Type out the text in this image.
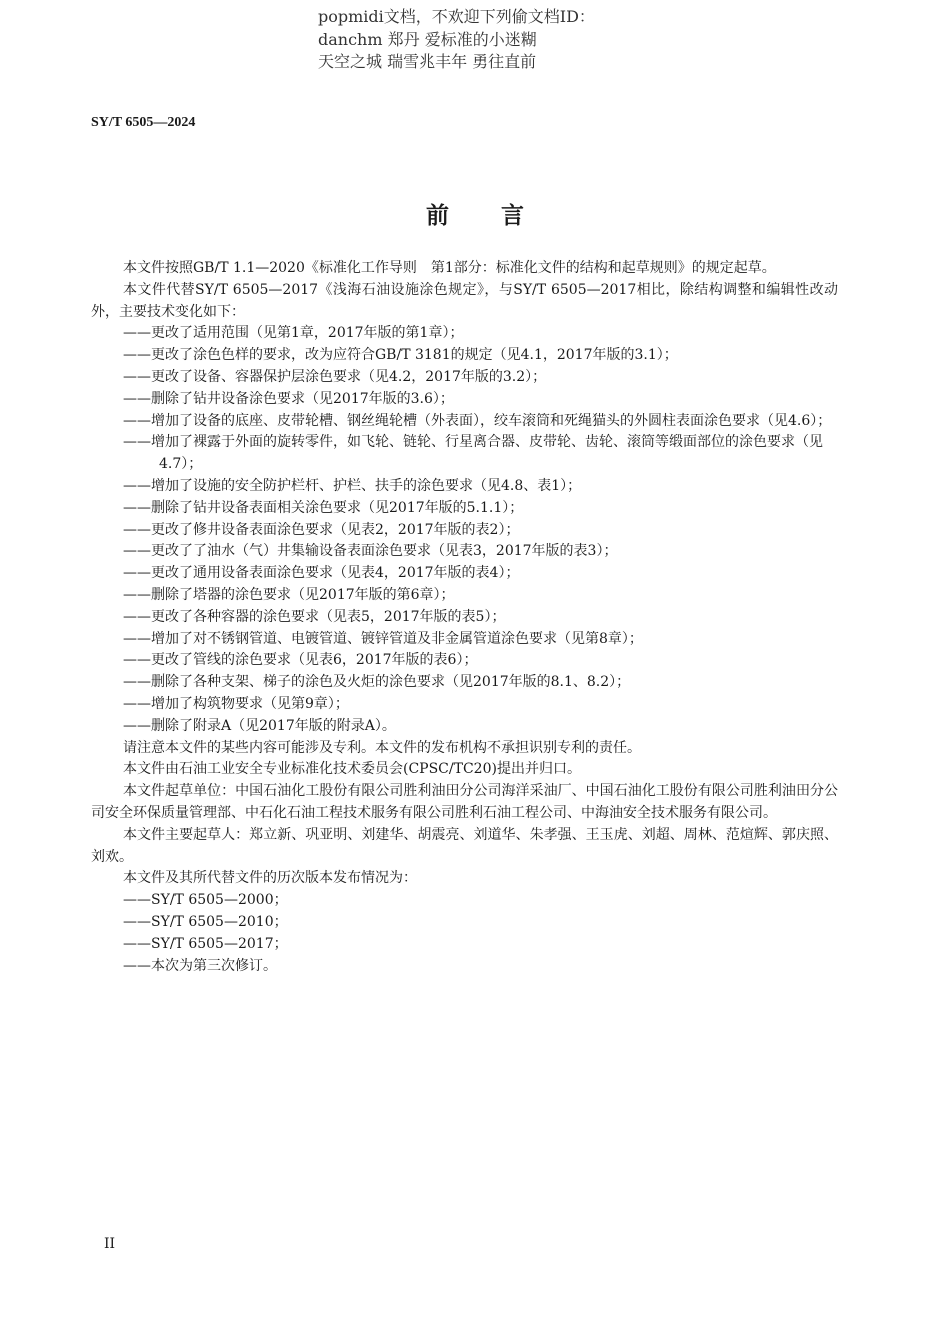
popmidi文档，不欢迎下列偷文档ID：
danchm 郑丹 爱标准的小迷糊
天空之城 瑞雪兆丰年 勇往直前
SY/T 6505—2024
前言
本文件按照GB/T 1.1—2020《标准化工作导则　第1部分：标准化文件的结构和起草规则》的规定起草。
本文件代替SY/T 6505—2017《浅海石油设施涂色规定》，与SY/T 6505—2017相比，除结构调整和编辑性改动外，主要技术变化如下：
——更改了适用范围（见第1章，2017年版的第1章）；
——更改了涂色色样的要求，改为应符合GB/T 3181的规定（见4.1，2017年版的3.1）；
——更改了设备、容器保护层涂色要求（见4.2，2017年版的3.2）；
——删除了钻井设备涂色要求（见2017年版的3.6）；
——增加了设备的底座、皮带轮槽、钢丝绳轮槽（外表面），绞车滚筒和死绳猫头的外圆柱表面涂色要求（见4.6）；
——增加了裸露于外面的旋转零件，如飞轮、链轮、行星离合器、皮带轮、齿轮、滚筒等缎面部位的涂色要求（见4.7）；
——增加了设施的安全防护栏杆、护栏、扶手的涂色要求（见4.8、表1）；
——删除了钻井设备表面相关涂色要求（见2017年版的5.1.1）；
——更改了修井设备表面涂色要求（见表2，2017年版的表2）；
——更改了了油水（气）井集输设备表面涂色要求（见表3，2017年版的表3）；
——更改了通用设备表面涂色要求（见表4，2017年版的表4）；
——删除了塔器的涂色要求（见2017年版的第6章）；
——更改了各种容器的涂色要求（见表5，2017年版的表5）；
——增加了对不锈钢管道、电镀管道、镀锌管道及非金属管道涂色要求（见第8章）；
——更改了管线的涂色要求（见表6，2017年版的表6）；
——删除了各种支架、梯子的涂色及火炬的涂色要求（见2017年版的8.1、8.2）；
——增加了构筑物要求（见第9章）；
——删除了附录A（见2017年版的附录A）。
请注意本文件的某些内容可能涉及专利。本文件的发布机构不承担识别专利的责任。
本文件由石油工业安全专业标准化技术委员会(CPSC/TC20)提出并归口。
本文件起草单位：中国石油化工股份有限公司胜利油田分公司海洋采油厂、中国石油化工股份有限公司胜利油田分公司安全环保质量管理部、中石化石油工程技术服务有限公司胜利石油工程公司、中海油安全技术服务有限公司。
本文件主要起草人：郑立新、巩亚明、刘建华、胡震亮、刘道华、朱孝强、王玉虎、刘超、周林、范煊辉、郭庆照、刘欢。
本文件及其所代替文件的历次版本发布情况为：
——SY/T 6505—2000；
——SY/T 6505—2010；
——SY/T 6505—2017；
——本次为第三次修订。
II
